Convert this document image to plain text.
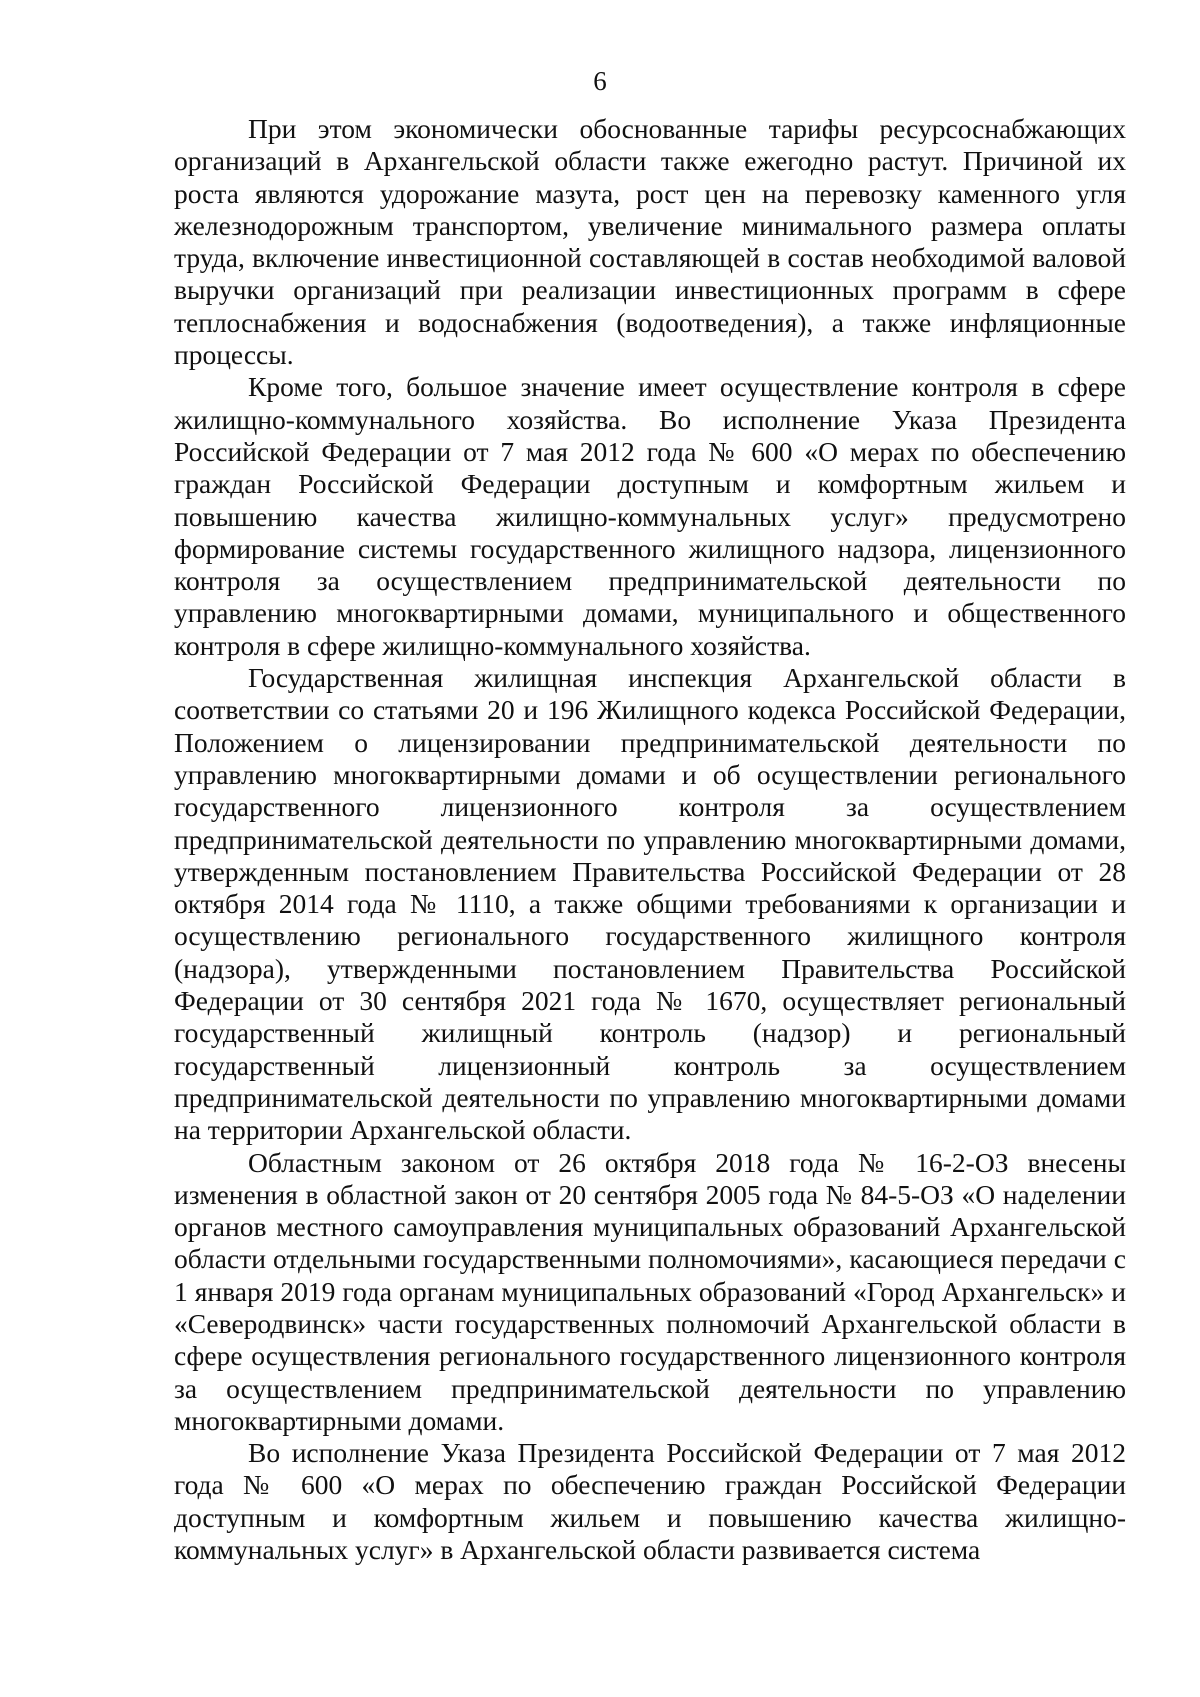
6

При этом экономически обоснованные тарифы ресурсоснабжающих организаций в Архангельской области также ежегодно растут. Причиной их роста являются удорожание мазута, рост цен на перевозку каменного угля железнодорожным транспортом, увеличение минимального размера оплаты труда, включение инвестиционной составляющей в состав необходимой валовой выручки организаций при реализации инвестиционных программ в сфере теплоснабжения и водоснабжения (водоотведения), а также инфляционные процессы.

Кроме того, большое значение имеет осуществление контроля в сфере жилищно-коммунального хозяйства. Во исполнение Указа Президента Российской Федерации от 7 мая 2012 года № 600 «О мерах по обеспечению граждан Российской Федерации доступным и комфортным жильем и повышению качества жилищно-коммунальных услуг» предусмотрено формирование системы государственного жилищного надзора, лицензионного контроля за осуществлением предпринимательской деятельности по управлению многоквартирными домами, муниципального и общественного контроля в сфере жилищно-коммунального хозяйства.

Государственная жилищная инспекция Архангельской области в соответствии со статьями 20 и 196 Жилищного кодекса Российской Федерации, Положением о лицензировании предпринимательской деятельности по управлению многоквартирными домами и об осуществлении регионального государственного лицензионного контроля за осуществлением предпринимательской деятельности по управлению многоквартирными домами, утвержденным постановлением Правительства Российской Федерации от 28 октября 2014 года № 1110, а также общими требованиями к организации и осуществлению регионального государственного жилищного контроля (надзора), утвержденными постановлением Правительства Российской Федерации от 30 сентября 2021 года № 1670, осуществляет региональный государственный жилищный контроль (надзор) и региональный государственный лицензионный контроль за осуществлением предпринимательской деятельности по управлению многоквартирными домами на территории Архангельской области.

Областным законом от 26 октября 2018 года № 16-2-ОЗ внесены изменения в областной закон от 20 сентября 2005 года № 84-5-ОЗ «О наделении органов местного самоуправления муниципальных образований Архангельской области отдельными государственными полномочиями», касающиеся передачи с 1 января 2019 года органам муниципальных образований «Город Архангельск» и «Северодвинск» части государственных полномочий Архангельской области в сфере осуществления регионального государственного лицензионного контроля за осуществлением предпринимательской деятельности по управлению многоквартирными домами.

Во исполнение Указа Президента Российской Федерации от 7 мая 2012 года № 600 «О мерах по обеспечению граждан Российской Федерации доступным и комфортным жильем и повышению качества жилищно-коммунальных услуг» в Архангельской области развивается система
